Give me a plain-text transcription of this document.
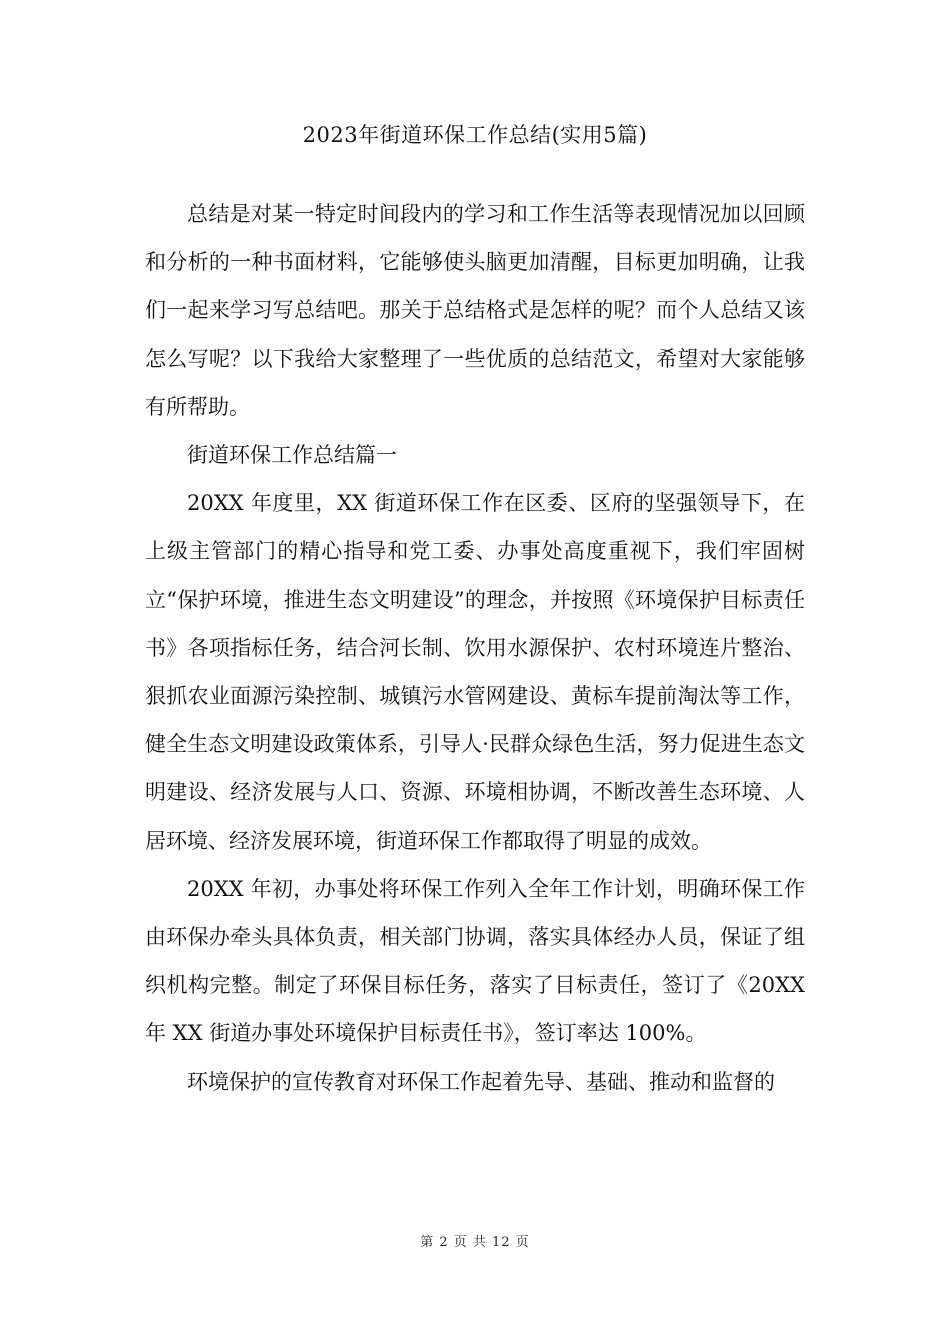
2023年街道环保工作总结(实用5篇)

总结是对某一特定时间段内的学习和工作生活等表现情况加以回顾和分析的一种书面材料，它能够使头脑更加清醒，目标更加明确，让我们一起来学习写总结吧。那关于总结格式是怎样的呢？而个人总结又该怎么写呢？以下我给大家整理了一些优质的总结范文，希望对大家能够有所帮助。

街道环保工作总结篇一

20XX 年度里，XX 街道环保工作在区委、区府的坚强领导下，在上级主管部门的精心指导和党工委、办事处高度重视下，我们牢固树立“保护环境，推进生态文明建设”的理念，并按照《环境保护目标责任书》各项指标任务，结合河长制、饮用水源保护、农村环境连片整治、狠抓农业面源污染控制、城镇污水管网建设、黄标车提前淘汰等工作，健全生态文明建设政策体系，引导人·民群众绿色生活，努力促进生态文明建设、经济发展与人口、资源、环境相协调，不断改善生态环境、人居环境、经济发展环境，街道环保工作都取得了明显的成效。

20XX 年初，办事处将环保工作列入全年工作计划，明确环保工作由环保办牵头具体负责，相关部门协调，落实具体经办人员，保证了组织机构完整。制定了环保目标任务，落实了目标责任，签订了《20XX 年 XX 街道办事处环境保护目标责任书》，签订率达 100%。

环境保护的宣传教育对环保工作起着先导、基础、推动和监督的

第 2 页 共 12 页
